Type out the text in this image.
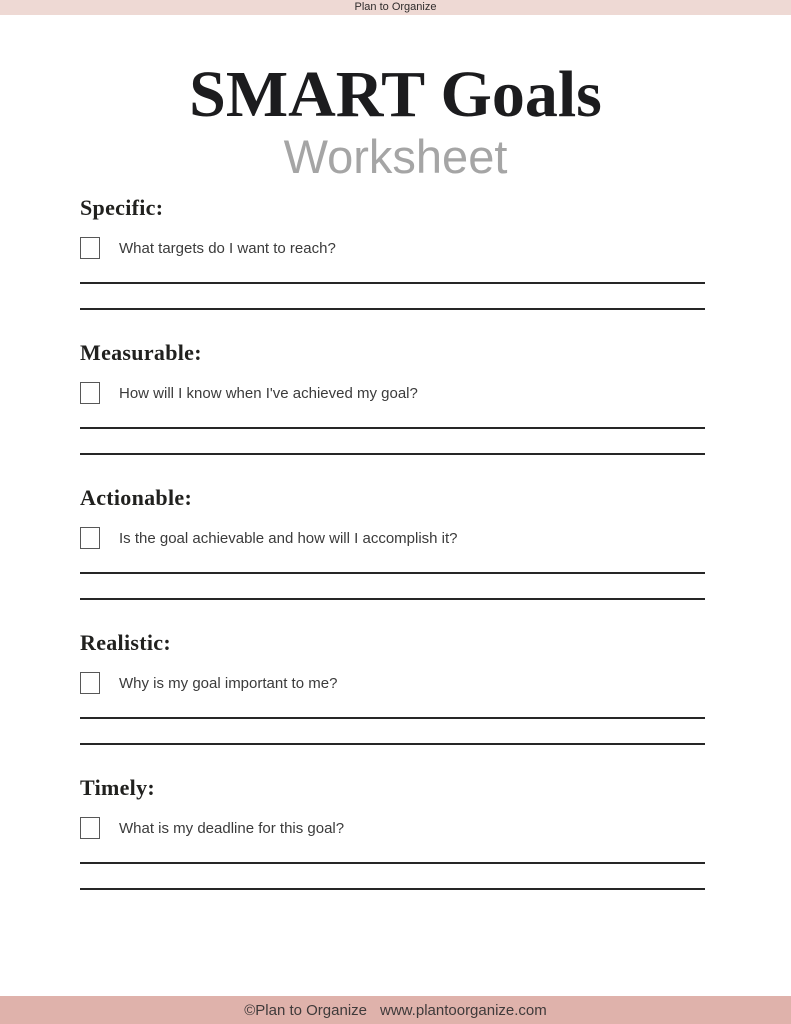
Plan to Organize
SMART Goals
Worksheet
Specific:
What targets do I want to reach?
Measurable:
How will I know when I've achieved my goal?
Actionable:
Is the goal achievable and how will I accomplish it?
Realistic:
Why is my goal important to me?
Timely:
What is my deadline for this goal?
©Plan to Organize www.plantoorganize.com
